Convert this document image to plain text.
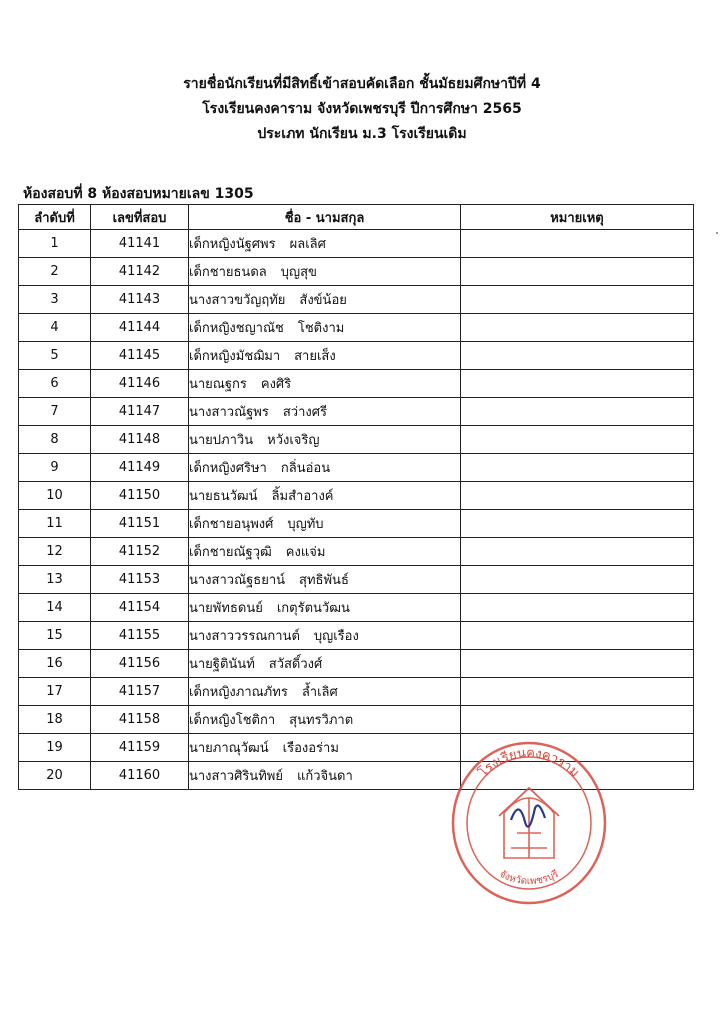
รายชื่อนักเรียนที่มีสิทธิ์เข้าสอบคัดเลือก ชั้นมัธยมศึกษาปีที่ 4
โรงเรียนคงคาราม จังหวัดเพชรบุรี ปีการศึกษา 2565
ประเภท นักเรียน ม.3 โรงเรียนเดิม
ห้องสอบที่ 8 ห้องสอบหมายเลข 1305
ลำดับที่	เลขที่สอบ	ชื่อ - นามสกุล	หมายเหตุ
1	41141	เด็กหญิงนัฐศพร ผลเลิศ	
2	41142	เด็กชายธนดล บุญสุข	
3	41143	นางสาวขวัญฤทัย สังข์น้อย	
4	41144	เด็กหญิงชญาณัช โชติงาม	
5	41145	เด็กหญิงมัชฌิมา สายเส็ง	
6	41146	นายณฐกร คงศิริ	
7	41147	นางสาวณัฐพร สว่างศรี	
8	41148	นายปภาวิน หวังเจริญ	
9	41149	เด็กหญิงศริษา กลิ่นอ่อน	
10	41150	นายธนวัฒน์ ลิ้มสำอางค์	
11	41151	เด็กชายอนุพงศ์ บุญทับ	
12	41152	เด็กชายณัฐวุฒิ คงแจ่ม	
13	41153	นางสาวณัฐธยาน์ สุทธิพันธ์	
14	41154	นายพัทธดนย์ เกตุรัตนวัฒน	
15	41155	นางสาววรรณกานต์ บุญเรือง	
16	41156	นายฐิตินันท์ สวัสดิ์วงศ์	
17	41157	เด็กหญิงภาณภัทร ล้ำเลิศ	
18	41158	เด็กหญิงโชติกา สุนทรวิภาต	
19	41159	นายภาณุวัฒน์ เรืองอร่าม	
20	41160	นางสาวศิรินทิพย์ แก้วจินดา		โรงเรียนคงคาราม
จังหวัดเพชรบุรี
